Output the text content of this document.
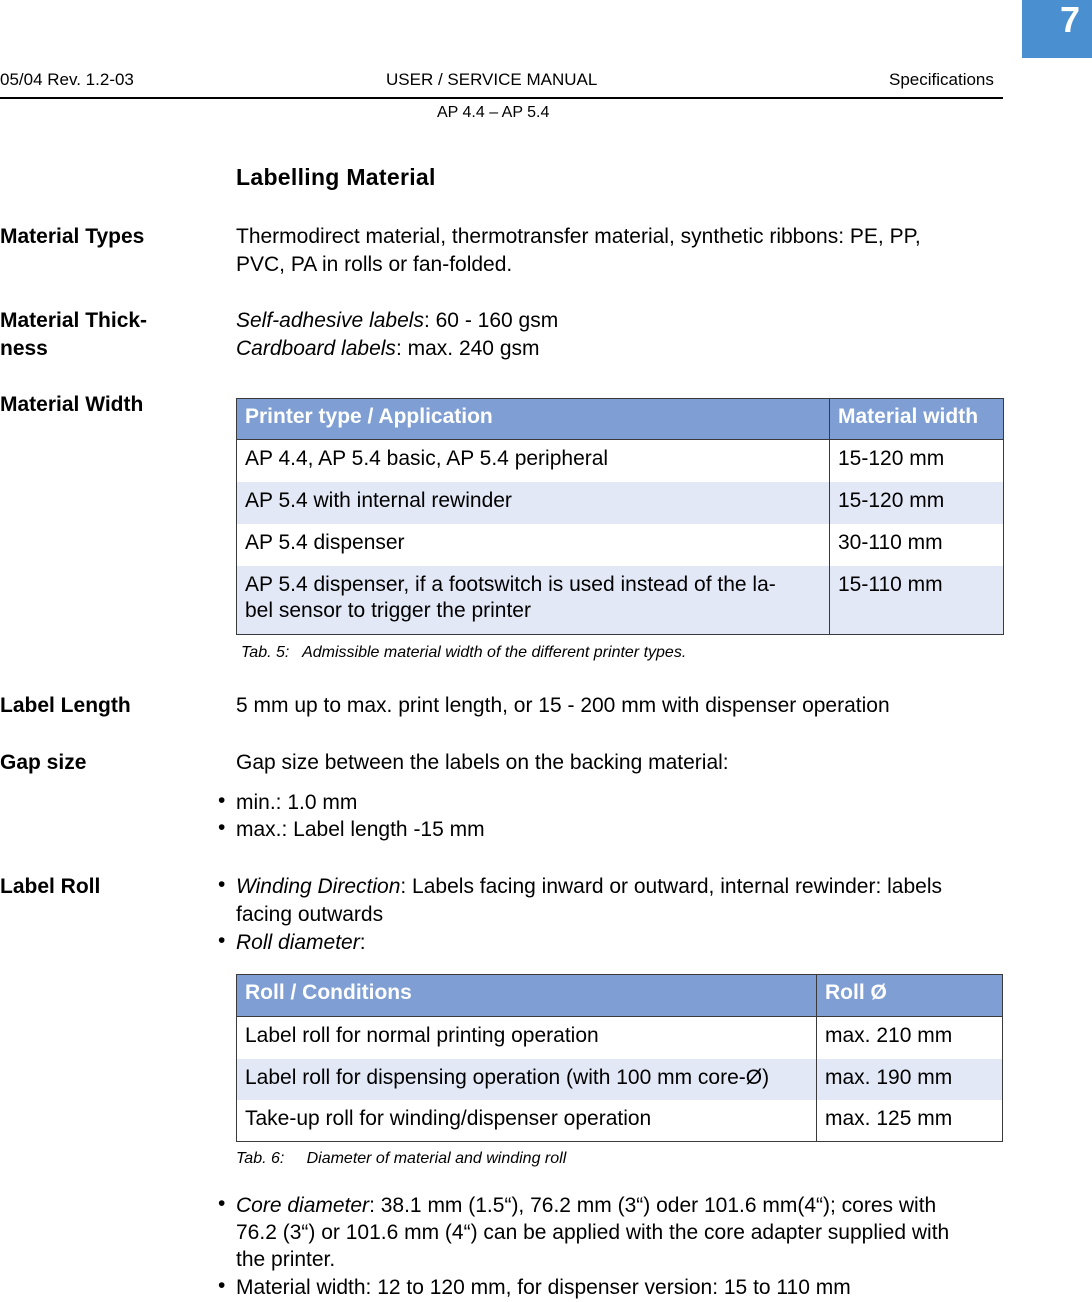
7
05/04 Rev. 1.2-03	USER / SERVICE MANUAL	Specifications
AP 4.4 – AP 5.4
Labelling Material
Material Types	Thermodirect material, thermotransfer material, synthetic ribbons: PE, PP,
PVC, PA in rolls or fan-folded.
Material Thick-
ness
Self-adhesive labels: 60 - 160 gsm
Cardboard labels: max. 240 gsm
Material Width
Printer type / Application	Material width
AP 4.4, AP 5.4 basic, AP 5.4 peripheral	15-120 mm
AP 5.4 with internal rewinder	15-120 mm
AP 5.4 dispenser	30-110 mm

AP 5.4 dispenser, if a footswitch is used instead of the la-
bel sensor to trigger the printer	15-110 mm
Tab. 5: Admissible material width of the different printer types.
Label Length	5 mm up to max. print length, or 15 - 200 mm with dispenser operation
Gap size	Gap size between the labels on the backing material:
• min.: 1.0 mm
• max.: Label length -15 mm
Label Roll	• Winding Direction: Labels facing inward or outward, internal rewinder: labels
facing outwards
• Roll diameter:
Roll / Conditions	Roll Ø
Label roll for normal printing operation	max. 210 mm
Label roll for dispensing operation (with 100 mm core-Ø)	max. 190 mm
Take-up roll for winding/dispenser operation	max. 125 mm
Tab. 6: Diameter of material and winding roll
• Core diameter: 38.1 mm (1.5“), 76.2 mm (3“) oder 101.6 mm(4“); cores with
76.2 (3“) or 101.6 mm (4“) can be applied with the core adapter supplied with
the printer.
• Material width: 12 to 120 mm, for dispenser version: 15 to 110 mm
